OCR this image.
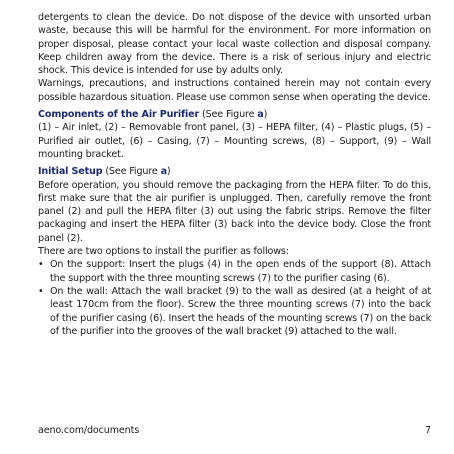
detergents to clean the device. Do not dispose of the device with unsorted urban waste, because this will be harmful for the environment. For more information on proper disposal, please contact your local waste collection and disposal company. Keep children away from the device. There is a risk of serious injury and electric shock. This device is intended for use by adults only.

Warnings, precautions, and instructions contained herein may not contain every possible hazardous situation. Please use common sense when operating the device.

Components of the Air Purifier (See Figure a)

(1) – Air inlet, (2) – Removable front panel, (3) – HEPA filter, (4) – Plastic plugs, (5) – Purified air outlet, (6) – Casing, (7) – Mounting screws, (8) – Support, (9) – Wall mounting bracket.

Initial Setup (See Figure a)

Before operation, you should remove the packaging from the HEPA filter. To do this, first make sure that the air purifier is unplugged. Then, carefully remove the front panel (2) and pull the HEPA filter (3) out using the fabric strips. Remove the filter packaging and insert the HEPA filter (3) back into the device body. Close the front panel (2).

There are two options to install the purifier as follows:

• On the support: Insert the plugs (4) in the open ends of the support (8). Attach the support with the three mounting screws (7) to the purifier casing (6).
• On the wall: Attach the wall bracket (9) to the wall as desired (at a height of at least 170cm from the floor). Screw the three mounting screws (7) into the back of the purifier casing (6). Insert the heads of the mounting screws (7) on the back of the purifier into the grooves of the wall bracket (9) attached to the wall.
aeno.com/documents	7
